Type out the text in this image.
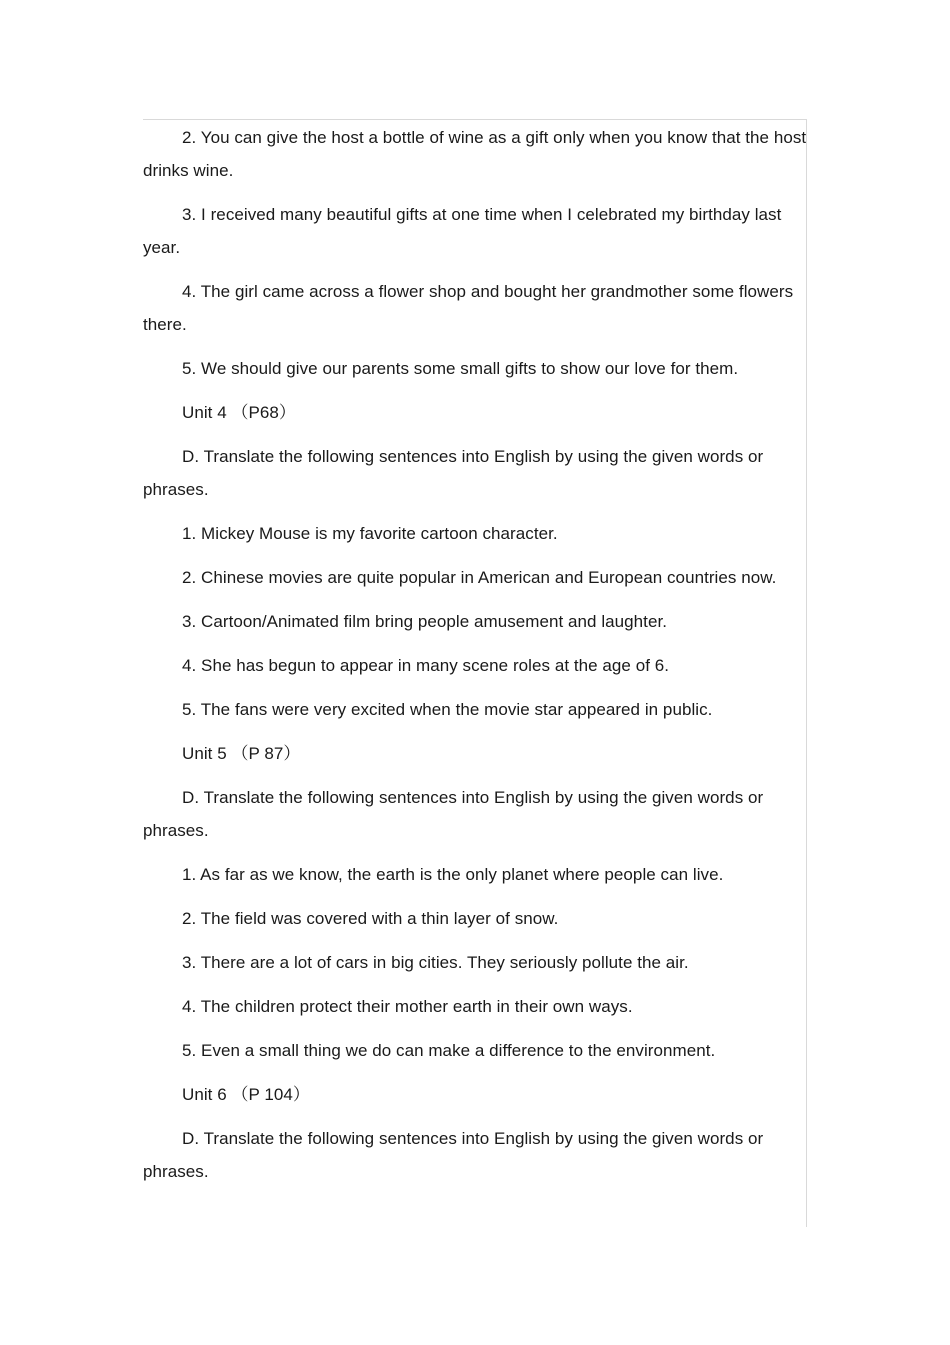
2. You can give the host a bottle of wine as a gift only when you know that the host drinks wine.

3. I received many beautiful gifts at one time when I celebrated my birthday last year.

4. The girl came across a flower shop and bought her grandmother some flowers there.

5. We should give our parents some small gifts to show our love for them.

Unit 4 （P68）

D. Translate the following sentences into English by using the given words or phrases.

1. Mickey Mouse is my favorite cartoon character.

2. Chinese movies are quite popular in American and European countries now.

3. Cartoon/Animated film bring people amusement and laughter.

4. She has begun to appear in many scene roles at the age of 6.

5. The fans were very excited when the movie star appeared in public.

Unit 5 （P 87）

D. Translate the following sentences into English by using the given words or phrases.

1. As far as we know, the earth is the only planet where people can live.

2. The field was covered with a thin layer of snow.

3. There are a lot of cars in big cities. They seriously pollute the air.

4. The children protect their mother earth in their own ways.

5. Even a small thing we do can make a difference to the environment.

Unit 6 （P 104）

D. Translate the following sentences into English by using the given words or phrases.
